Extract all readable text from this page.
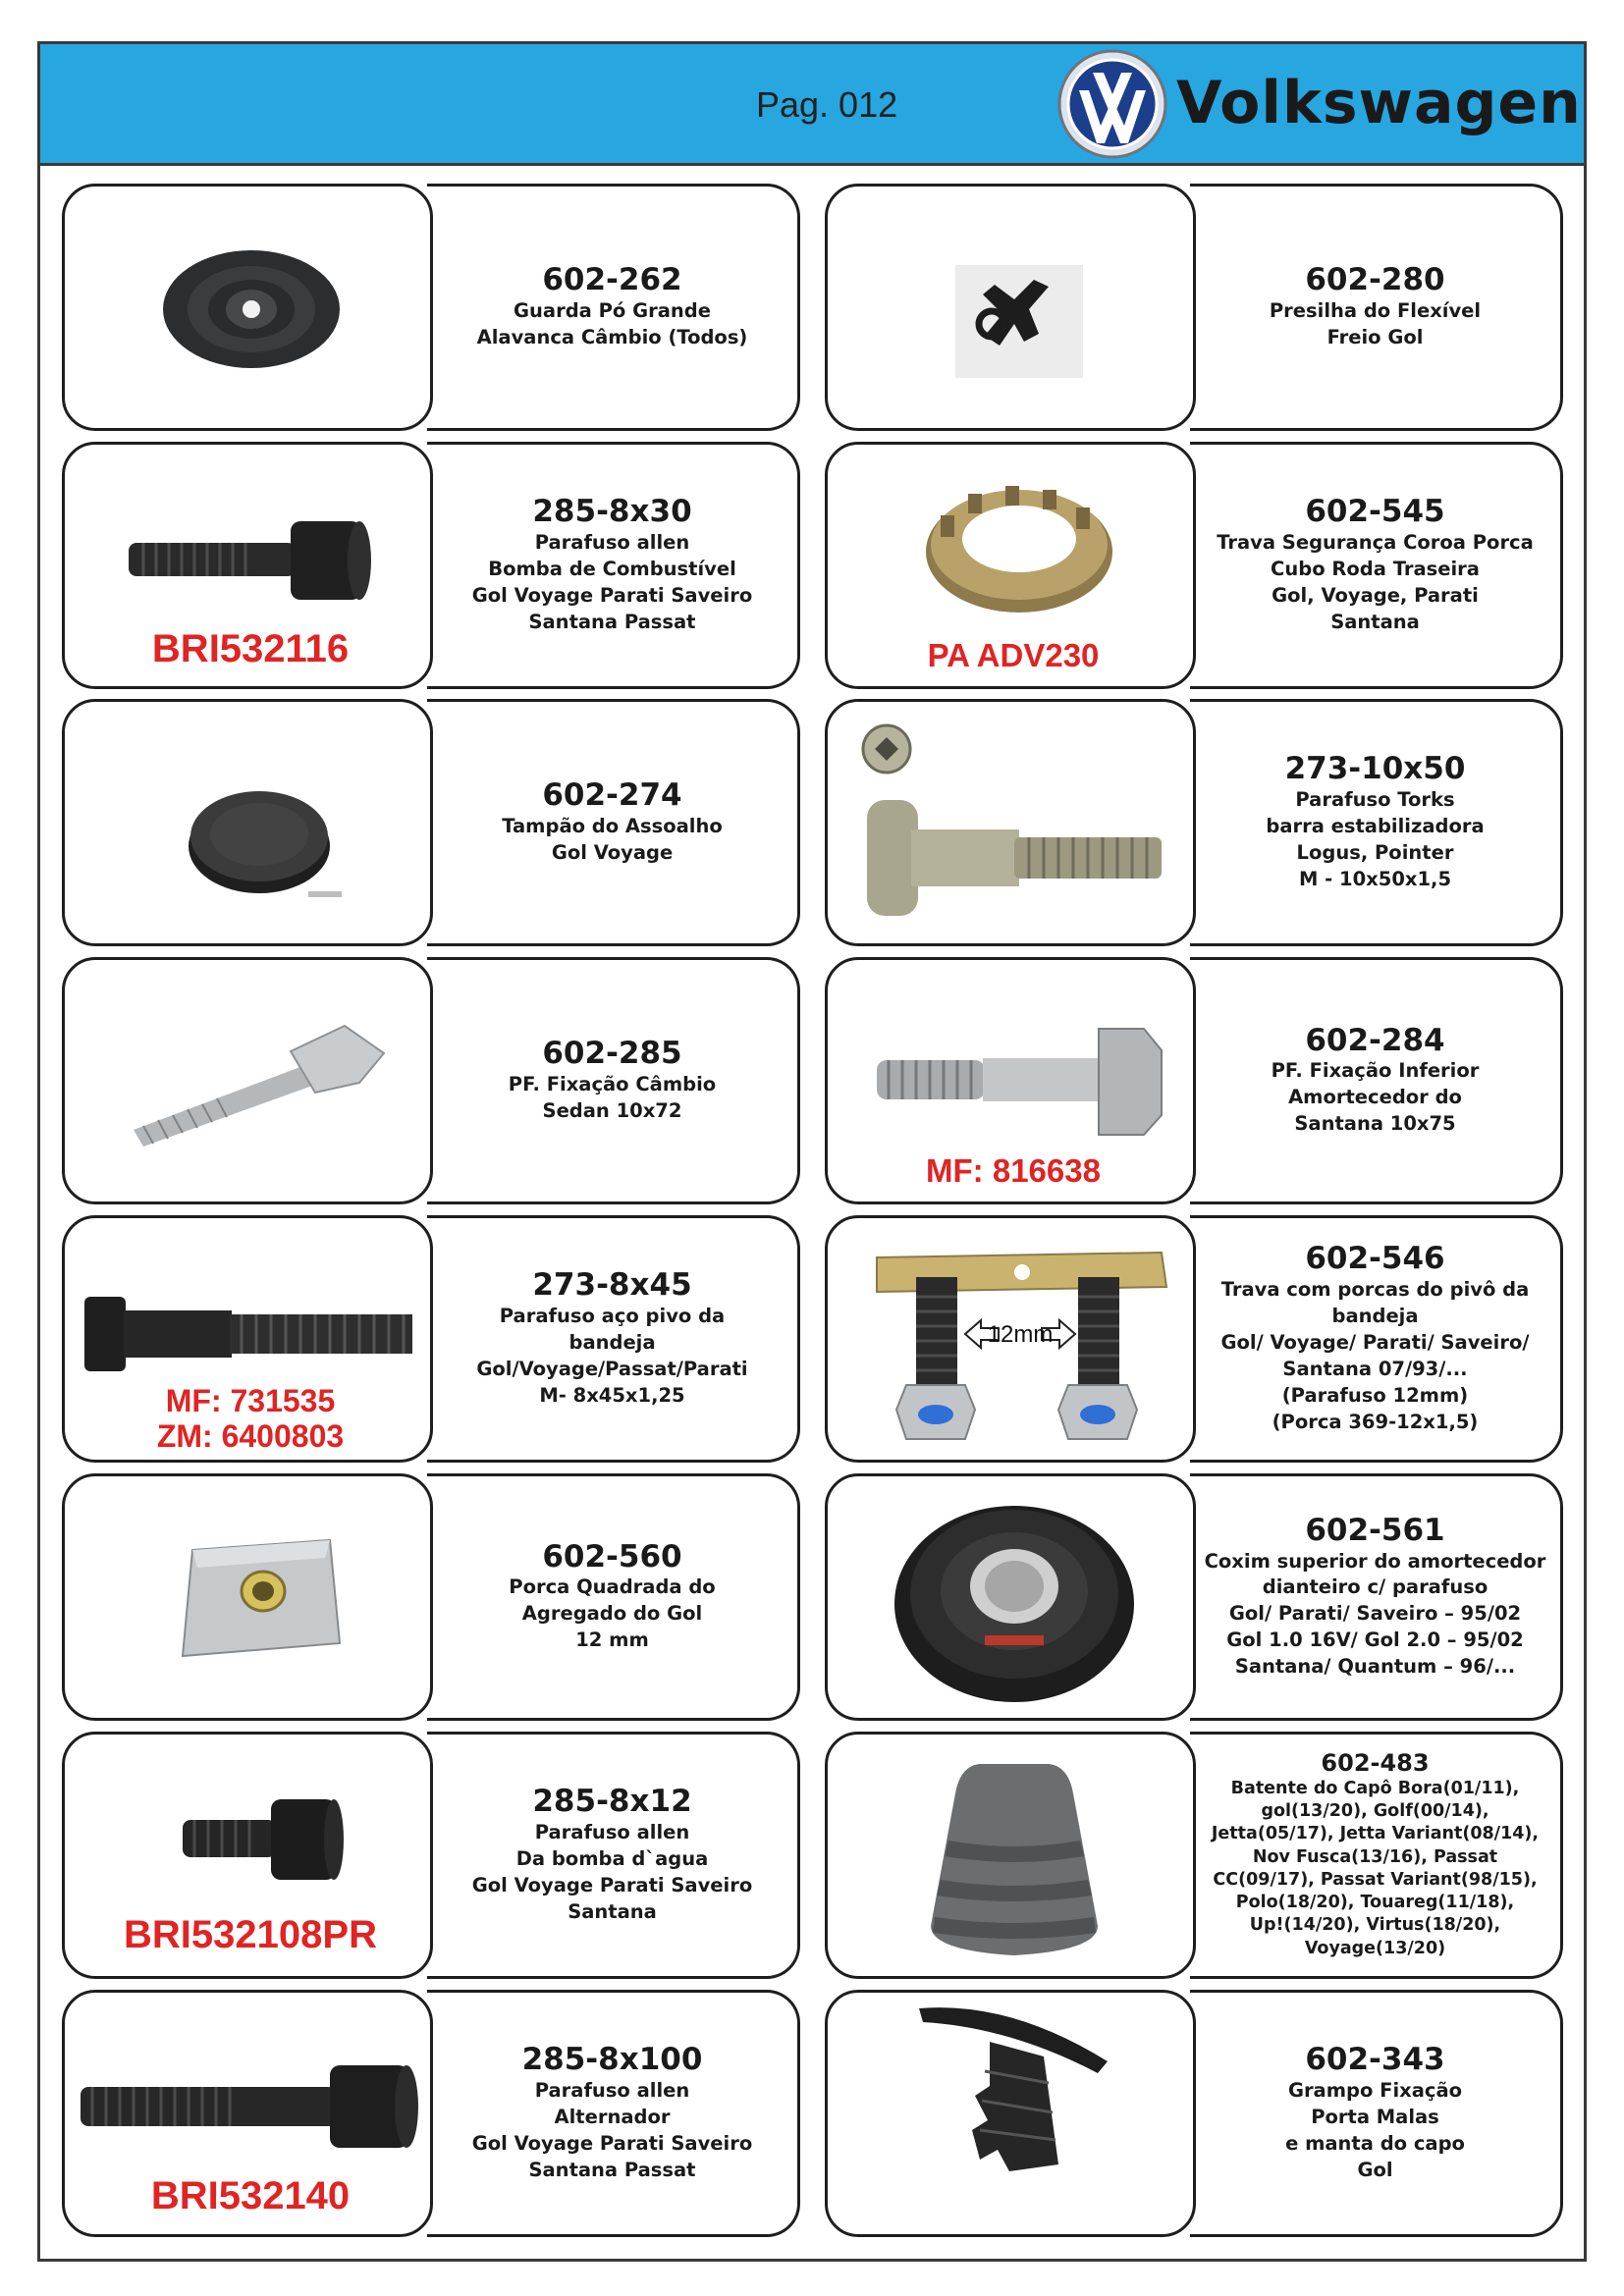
Pag. 012	Volkswagen
602-262
Guarda Pó Grande
Alavanca Câmbio (Todos)
602-280
Presilha do Flexível
Freio Gol
BRI532116
285-8x30
Parafuso allen
Bomba de Combustível
Gol Voyage Parati Saveiro
Santana Passat
PA ADV230
602-545
Trava Segurança Coroa Porca
Cubo Roda Traseira
Gol, Voyage, Parati
Santana
602-274
Tampão do Assoalho
Gol Voyage
273-10x50
Parafuso Torks
barra estabilizadora
Logus, Pointer
M - 10x50x1,5
602-285
PF. Fixação Câmbio
Sedan 10x72
MF: 816638
602-284
PF. Fixação Inferior
Amortecedor do
Santana 10x75
MF: 731535
ZM: 6400803
273-8x45
Parafuso aço pivo da
bandeja
Gol/Voyage/Passat/Parati
M- 8x45x1,25
12mm
602-546
Trava com porcas do pivô da
bandeja
Gol/ Voyage/ Parati/ Saveiro/
Santana 07/93/...
(Parafuso 12mm)
(Porca 369-12x1,5)
602-560
Porca Quadrada do
Agregado do Gol
12 mm
602-561
Coxim superior do amortecedor
dianteiro c/ parafuso
Gol/ Parati/ Saveiro – 95/02
Gol 1.0 16V/ Gol 2.0 – 95/02
Santana/ Quantum – 96/...
BRI532108PR
285-8x12
Parafuso allen
Da bomba d`agua
Gol Voyage Parati Saveiro
Santana
602-483
Batente do Capô Bora(01/11),
gol(13/20), Golf(00/14),
Jetta(05/17), Jetta Variant(08/14),
Nov Fusca(13/16), Passat
CC(09/17), Passat Variant(98/15),
Polo(18/20), Touareg(11/18),
Up!(14/20), Virtus(18/20),
Voyage(13/20)
BRI532140
285-8x100
Parafuso allen
Alternador
Gol Voyage Parati Saveiro
Santana Passat
602-343
Grampo Fixação
Porta Malas
e manta do capo
Gol
